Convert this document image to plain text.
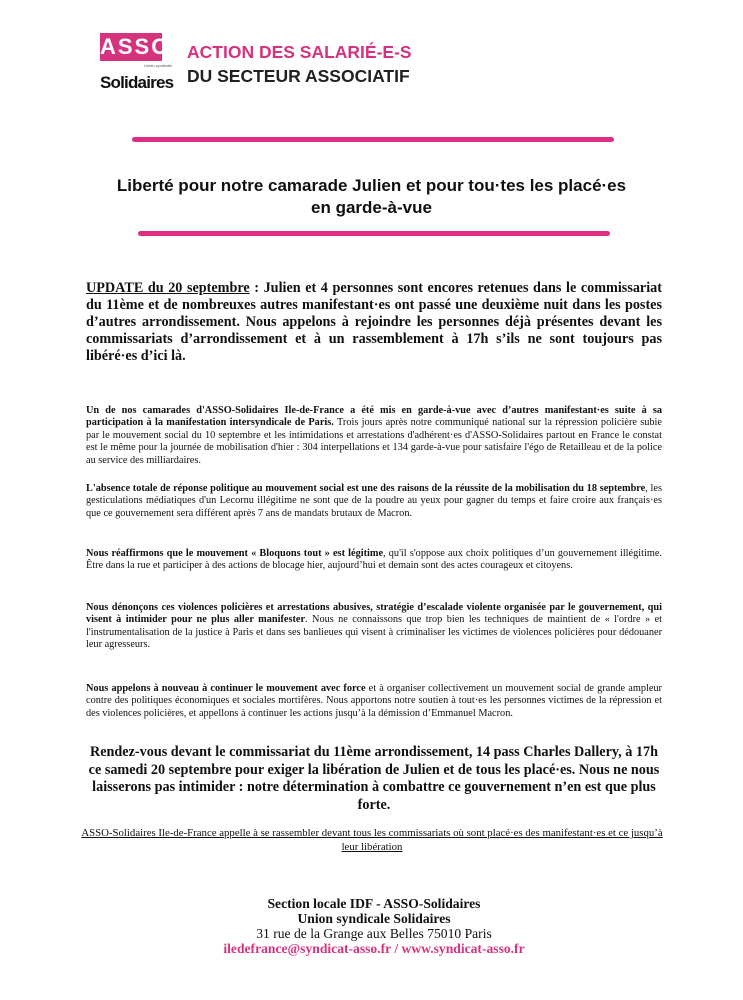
ASSO
Union syndicale
Solidaires
ACTION DES SALARIÉ-E-S
DU SECTEUR ASSOCIATIF
Liberté pour notre camarade Julien et pour tou·tes les placé·es en garde-à-vue

UPDATE du 20 septembre : Julien et 4 personnes sont encores retenues dans le commissariat du 11ème et de nombreuxes autres manifestant·es ont passé une deuxième nuit dans les postes d’autres arrondissement. Nous appelons à rejoindre les personnes déjà présentes devant les commissariats d’arrondissement et à un rassemblement à 17h s’ils ne sont toujours pas libéré·es d’ici là.

Un de nos camarades d'ASSO-Solidaires Ile-de-France a été mis en garde-à-vue avec d’autres manifestant·es suite à sa participation à la manifestation intersyndicale de Paris. Trois jours après notre communiqué national sur la répression policière subie par le mouvement social du 10 septembre et les intimidations et arrestations d'adhérent·es d'ASSO-Solidaires partout en France le constat est le même pour la journée de mobilisation d'hier : 304 interpellations et 134 garde-à-vue pour satisfaire l'égo de Retailleau et de la police au service des milliardaires.

L'absence totale de réponse politique au mouvement social est une des raisons de la réussite de la mobilisation du 18 septembre, les gesticulations médiatiques d'un Lecornu illégitime ne sont que de la poudre au yeux pour gagner du temps et faire croire aux français·es que ce gouvernement sera différent après 7 ans de mandats brutaux de Macron.

Nous réaffirmons que le mouvement « Bloquons tout » est légitime, qu'il s'oppose aux choix politiques d’un gouvernement illégitime. Être dans la rue et participer à des actions de blocage hier, aujourd’hui et demain sont des actes courageux et citoyens.

Nous dénonçons ces violences policières et arrestations abusives, stratégie d’escalade violente organisée par le gouvernement, qui visent à intimider pour ne plus aller manifester. Nous ne connaissons que trop bien les techniques de maintient de « l'ordre » et l'instrumentalisation de la justice à Paris et dans ses banlieues qui visent à criminaliser les victimes de violences policières pour dédouaner leur agresseurs.

Nous appelons à nouveau à continuer le mouvement avec force et à organiser collectivement un mouvement social de grande ampleur contre des politiques économiques et sociales mortifères. Nous apportons notre soutien à tout·es les personnes victimes de la répression et des violences policières, et appellons à continuer les actions jusqu’à la démission d’Emmanuel Macron.

Rendez-vous devant le commissariat du 11ème arrondissement, 14 pass Charles Dallery, à 17h ce samedi 20 septembre pour exiger la libération de Julien et de tous les placé·es. Nous ne nous laisserons pas intimider : notre détermination à combattre ce gouvernement n’en est que plus forte.

ASSO-Solidaires Ile-de-France appelle à se rassembler devant tous les commissariats où sont placé·es des manifestant·es et ce jusqu’à leur libération

Section locale IDF - ASSO-Solidaires
Union syndicale Solidaires
31 rue de la Grange aux Belles 75010 Paris
iledefrance@syndicat-asso.fr / www.syndicat-asso.fr
